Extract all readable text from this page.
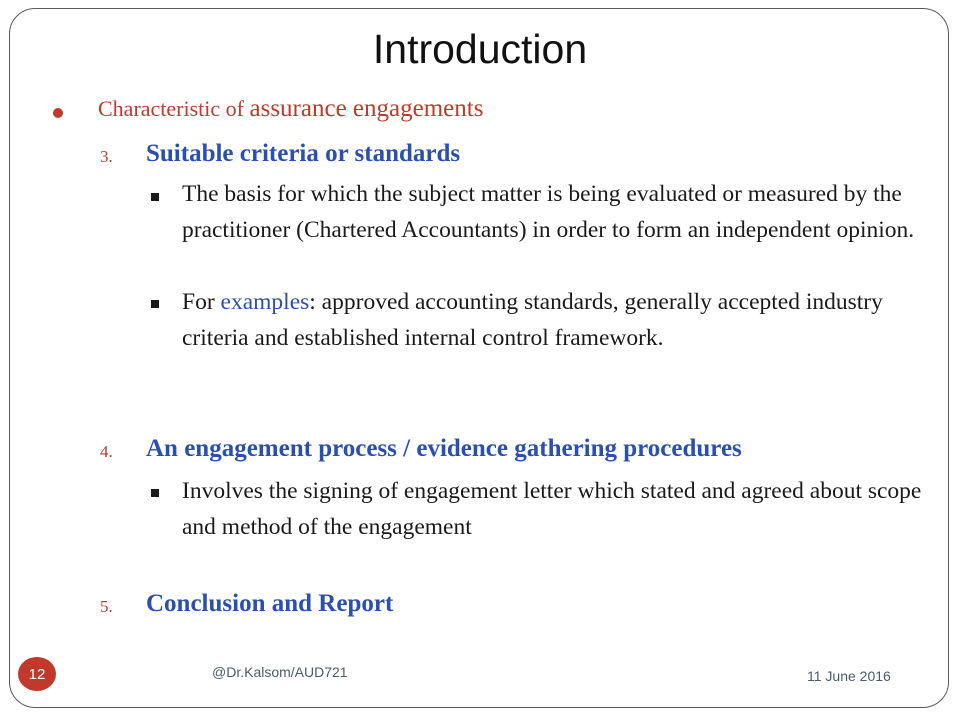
Introduction
Characteristic of assurance engagements
3. Suitable criteria or standards
The basis for which the subject matter is being evaluated or measured by the practitioner (Chartered Accountants) in order to form an independent opinion.
For examples: approved accounting standards, generally accepted industry criteria and established internal control framework.
4. An engagement process / evidence gathering procedures
Involves the signing of engagement letter which stated and agreed about scope and method of the engagement
5. Conclusion and Report
12	@Dr.Kalsom/AUD721	11 June 2016
